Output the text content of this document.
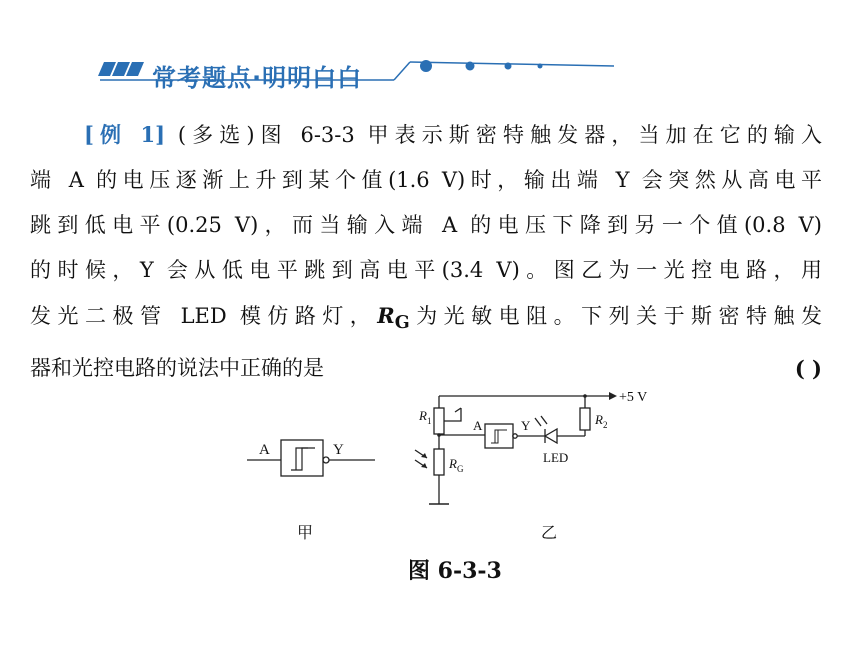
常考题点·明明白白
[例 1] (多选)图 6-3-3 甲表示斯密特触发器，当加在它的输入
端 A 的电压逐渐上升到某个值(1.6 V)时，输出端 Y 会突然从高电平
跳到低电平(0.25 V)，而当输入端 A 的电压下降到另一个值(0.8 V)
的时候，Y 会从低电平跳到高电平(3.4 V)。图乙为一光控电路，用
发光二极管 LED 模仿路灯，$R_G$为光敏电阻。下列关于斯密特触发
器和光控电路的说法中正确的是	( )
A	Y
甲
+5 V
$R_1$
$R_G$
A	Y
LED
$R_2$
乙

图 6-3-3
